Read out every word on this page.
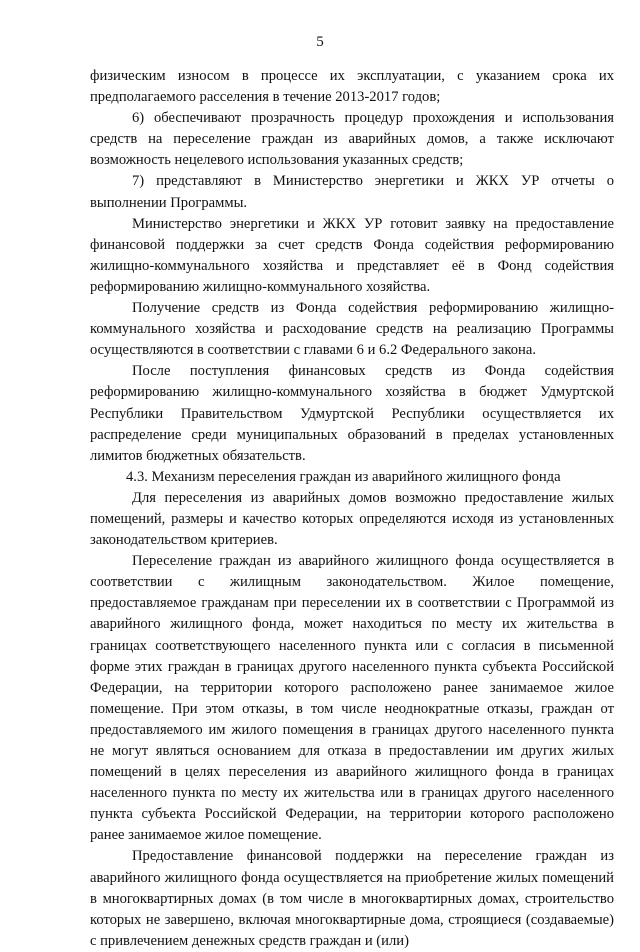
5

физическим износом в процессе их эксплуатации, с указанием срока их предполагаемого расселения в течение 2013-2017 годов;

6) обеспечивают прозрачность процедур прохождения и использования средств на переселение граждан из аварийных домов, а также исключают возможность нецелевого использования указанных средств;

7) представляют в Министерство энергетики и ЖКХ УР отчеты о выполнении Программы.

Министерство энергетики и ЖКХ УР готовит заявку на предоставление финансовой поддержки за счет средств Фонда содействия реформированию жилищно-коммунального хозяйства и представляет её в Фонд содействия реформированию жилищно-коммунального хозяйства.

Получение средств из Фонда содействия реформированию жилищно-коммунального хозяйства и расходование средств на реализацию Программы осуществляются в соответствии с главами 6 и 6.2 Федерального закона.

После поступления финансовых средств из Фонда содействия реформированию жилищно-коммунального хозяйства в бюджет Удмуртской Республики Правительством Удмуртской Республики осуществляется их распределение среди муниципальных образований в пределах установленных лимитов бюджетных обязательств.

4.3. Механизм переселения граждан из аварийного жилищного фонда

Для переселения из аварийных домов возможно предоставление жилых помещений, размеры и качество которых определяются исходя из установленных законодательством критериев.

Переселение граждан из аварийного жилищного фонда осуществляется в соответствии с жилищным законодательством. Жилое помещение, предоставляемое гражданам при переселении их в соответствии с Программой из аварийного жилищного фонда, может находиться по месту их жительства в границах соответствующего населенного пункта или с согласия в письменной форме этих граждан в границах другого населенного пункта субъекта Российской Федерации, на территории которого расположено ранее занимаемое жилое помещение. При этом отказы, в том числе неоднократные отказы, граждан от предоставляемого им жилого помещения в границах другого населенного пункта не могут являться основанием для отказа в предоставлении им других жилых помещений в целях переселения из аварийного жилищного фонда в границах населенного пункта по месту их жительства или в границах другого населенного пункта субъекта Российской Федерации, на территории которого расположено ранее занимаемое жилое помещение.

Предоставление финансовой поддержки на переселение граждан из аварийного жилищного фонда осуществляется на приобретение жилых помещений в многоквартирных домах (в том числе в многоквартирных домах, строительство которых не завершено, включая многоквартирные дома, строящиеся (создаваемые) с привлечением денежных средств граждан и (или)
